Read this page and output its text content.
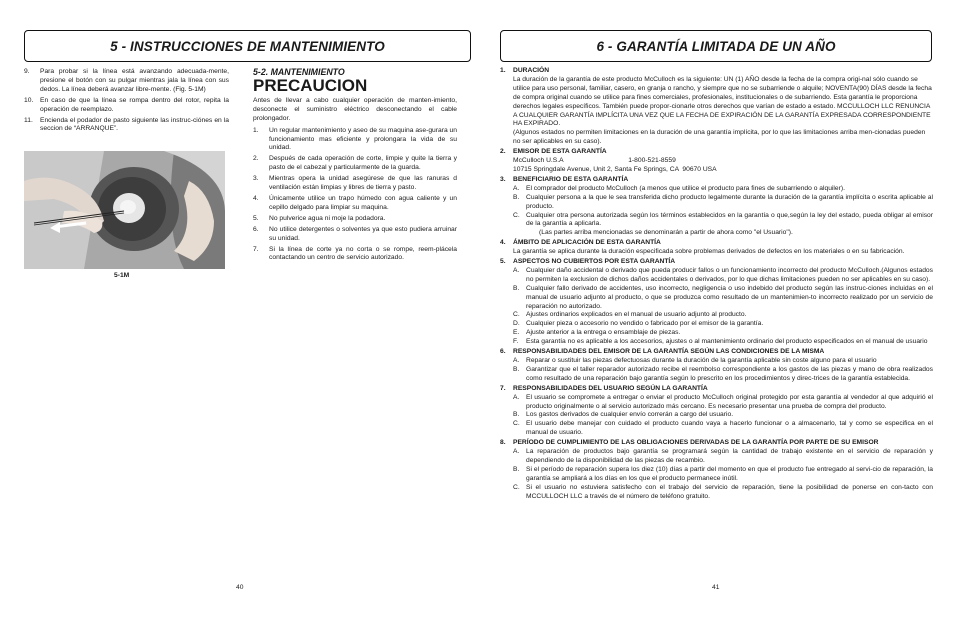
5 - INSTRUCCIONES DE MANTENIMIENTO	6 - GARANTÍA LIMITADA DE UN AÑO
9.	Para probar si la línea está avanzando adecuada-mente, presione el botón con su pulgar mientras jala la línea con sus dedos. La línea deberá avanzar libre-mente. (Fig. 5-1M)
10.	En caso de que la línea se rompa dentro del rotor, repita la operación de reemplazo.
11.	Encienda el podador de pasto siguiente las instruc-ciónes en la seccion de “ARRANQUE”.
5-1M
5-2. MANTENIMIENTO
PRECAUCION
Antes de llevar a cabo cualquier operación de manten-imiento, desconecte el suministro eléctrico desconectando el cable prolongador.
1.	Un regular mantenimiento y aseo de su maquina ase-gurara un funcionamiento mas eficiente y prolongara la vida de su unidad.
2.	Después de cada operación de corte, limpie y quite la tierra y pasto de el cabezal y particularmente de la guarda.
3.	Mientras opera la unidad asegúrese de que las ranuras d ventilación están limpias y libres de tierra y pasto.
4.	Únicamente utilice un trapo húmedo con agua caliente y un cepillo delgado para limpiar su maquina.
5.	No pulverice agua ni moje la podadora.
6.	No utilice detergentes o solventes ya que esto pudiera arruinar su unidad.
7.	Si la línea de corte ya no corta o se rompe, reem-plácela contactando un centro de servicio autorizado.
1.	DURACIÓN
La duración de la garantía de este producto McCulloch es la siguiente: UN (1) AÑO desde la fecha de la compra origi-nal sólo cuando se utilice para uso personal, familiar, casero, en granja o rancho, y siempre que no se subarriende o alquile; NOVENTA(90) DÍAS desde la fecha de compra original cuando se utilice para fines comerciales, profesionales, institucionales o de subarriendo. Esta garantía le proporciona derechos legales específicos. También puede propor-cionarle otros derechos que varían de estado a estado. MCCULLOCH LLC RENUNCIA A CUALQUIER GARANTÍA IMPLÍCITA UNA VEZ QUE LA FECHA DE EXPIRACIÓN DE LA GARANTÍA EXPRESADA CORRESPONDIENTE HA EXPIRADO.
(Algunos estados no permiten limitaciones en la duración de una garantía implícita, por lo que las limitaciones arriba men-cionadas pueden no ser aplicables en su caso).
2.	EMISOR DE ESTA GARANTÍA
McCulloch U.S.A                                   1-800-521-8559
10715 Springdale Avenue, Unit 2, Santa Fe Springs, CA  90670 USA
3.	BENEFICIARIO DE ESTA GARANTÍA
A. El comprador del producto McCulloch (a menos que utilice el producto para fines de subarriendo o alquiler).
B. Cualquier persona a la que le sea transferida dicho producto legalmente durante la duración de la garantía implícita o escrita aplicable al producto.
C. Cualquier otra persona autorizada según los términos establecidos en la garantía o que,según la ley del estado, pueda obligar al emisor de la garantía a aplicarla.
(Las partes arriba mencionadas se denominarán a partir de ahora como "el Usuario").
4.	ÁMBITO DE APLICACIÓN DE ESTA GARANTÍA
La garantía se aplica durante la duración especificada sobre problemas derivados de defectos en los materiales o en su fabricación.
5.	ASPECTOS NO CUBIERTOS POR ESTA GARANTÍA
A. Cualquier daño accidental o derivado que pueda producir fallos o un funcionamiento incorrecto del producto McCulloch.(Algunos estados no permiten la exclusion de dichos daños accidentales o derivados, por lo que dichas limitaciones pueden no ser aplicables en su caso).
B. Cualquier fallo derivado de accidentes, uso incorrecto, negligencia o uso indebido del producto según las instruc-ciones incluidas en el manual de usuario adjunto al producto, o que se produzca como resultado de un mantenimien-to incorrecto realizado por un servicio de reparación no autorizado.
C. Ajustes ordinarios explicados en el manual de usuario adjunto al producto.
D. Cualquier pieza o accesorio no vendido o fabricado por el emisor de la garantía.
E. Ajuste anterior a la entrega o ensamblaje de piezas.
F.	Esta garantía no es aplicable a los accesorios, ajustes o al mantenimiento ordinario del producto especificados en el manual de usuario
6.	RESPONSABILIDADES DEL EMISOR DE LA GARANTÍA SEGÚN LAS CONDICIONES DE LA MISMA
A. Reparar o sustituir las piezas defectuosas durante la duración de la garantía aplicable sin coste alguno para el usuario
B. Garantizar que el taller reparador autorizado recibe el reembolso correspondiente a los gastos de las piezas y mano de obra realizados como resultado de una reparación bajo garantía según lo prescrito en los procedimientos y direc-trices de la garantía establecida.
7.	RESPONSABILIDADES DEL USUARIO SEGÚN LA GARANTÍA
A. El usuario se compromete a entregar o enviar el producto McCulloch original protegido por esta garantía al vendedor al que adquirió el producto originalmente o al servicio autorizado más cercano. Es necesario presentar una prueba de compra del producto.
B. Los gastos derivados de cualquier envío correrán a cargo del usuario.
C. El usuario debe manejar con cuidado el producto cuando vaya a hacerlo funcionar o a almacenarlo, tal y como se especifica en el manual de usuario.
8.	PERÍODO DE CUMPLIMIENTO DE LAS OBLIGACIONES DERIVADAS DE LA GARANTÍA POR PARTE DE SU EMISOR
A. La reparación de productos bajo garantía se programará según la cantidad de trabajo existente en el servicio de reparación y dependiendo de la disponibilidad de las piezas de recambio.
B. Si el período de reparación supera los diez (10) días a partir del momento en que el producto fue entregado al servi-cio de reparación, la garantía se ampliará a los días en los que el producto permanece inútil.
C. Si el usuario no estuviera satisfecho con el trabajo del servicio de reparación, tiene la posibilidad de ponerse en con-tacto con MCCULLOCH LLC a través de el número de teléfono gratuito.
40	41
